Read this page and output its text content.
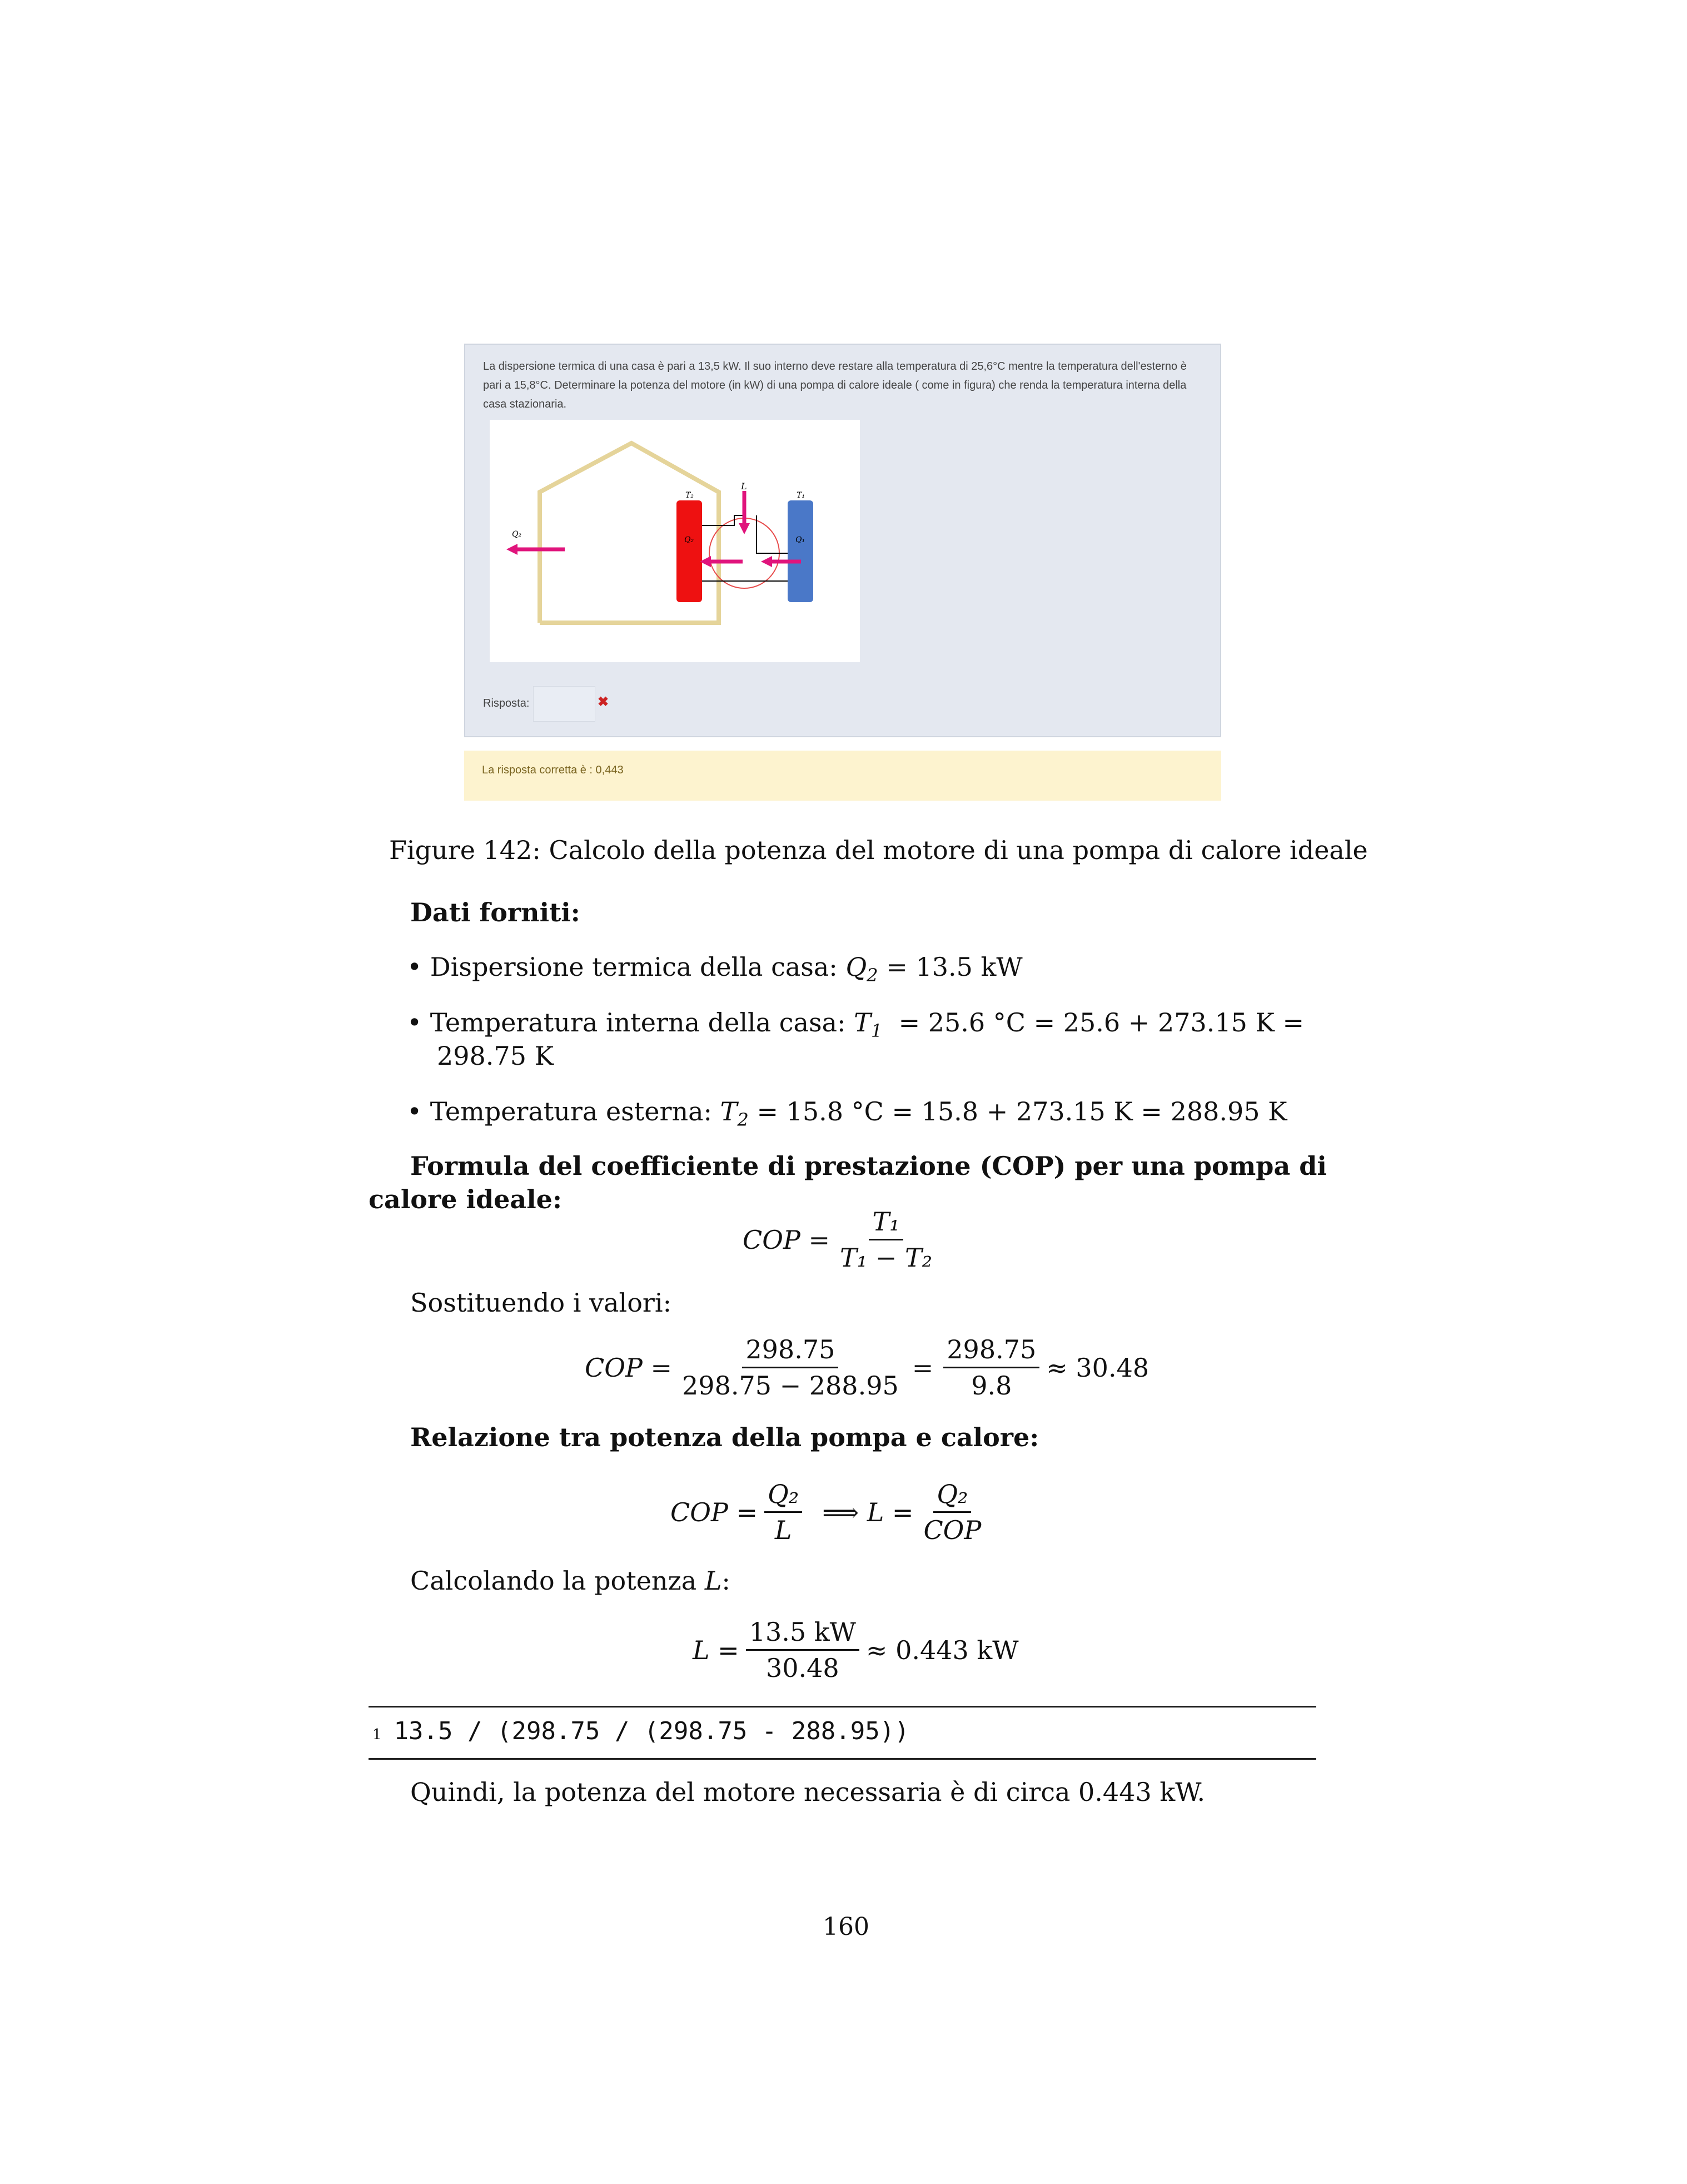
La dispersione termica di una casa è pari a 13,5 kW. Il suo interno deve restare alla temperatura di 25,6°C mentre la temperatura dell'esterno è pari a 15,8°C. Determinare la potenza del motore (in kW) di una pompa di calore ideale ( come in figura) che renda la temperatura interna della casa stazionaria.
L
T₂	T₁
Q₂
Q₂	Q₁
Risposta:	✖
La risposta corretta è : 0,443
Figure 142: Calcolo della potenza del motore di una pompa di calore ideale
Dati forniti:
• Dispersione termica della casa: $Q_2 = 13.5$ kW
• Temperatura interna della casa: $T_1 = 25.6$ °C = 25.6 + 273.15 K =
298.75 K
• Temperatura esterna: $T_2 = 15.8$ °C = 15.8 + 273.15 K = 288.95 K
Formula del coefficiente di prestazione (COP) per una pompa di
calore ideale:
COP = $\frac{\text{T₁}}{\text{T₁ − T₂}}$
Sostituendo i valori:
COP = $\frac{298.75}{298.75 - 288.95} = \frac{298.75}{9.8} \approx 30.48$
Relazione tra potenza della pompa e calore:
COP = $\frac{\text{Q₂}}{L}$ ⟹ $L = \frac{\text{Q₂}}{\text{COP}}$
Calcolando la potenza L:
$L = \frac{13.5 kW}{30.48} \approx 0.443$ kW
1 13.5 / (298.75 / (298.75 - 288.95))
Quindi, la potenza del motore necessaria è di circa 0.443 kW.
160
